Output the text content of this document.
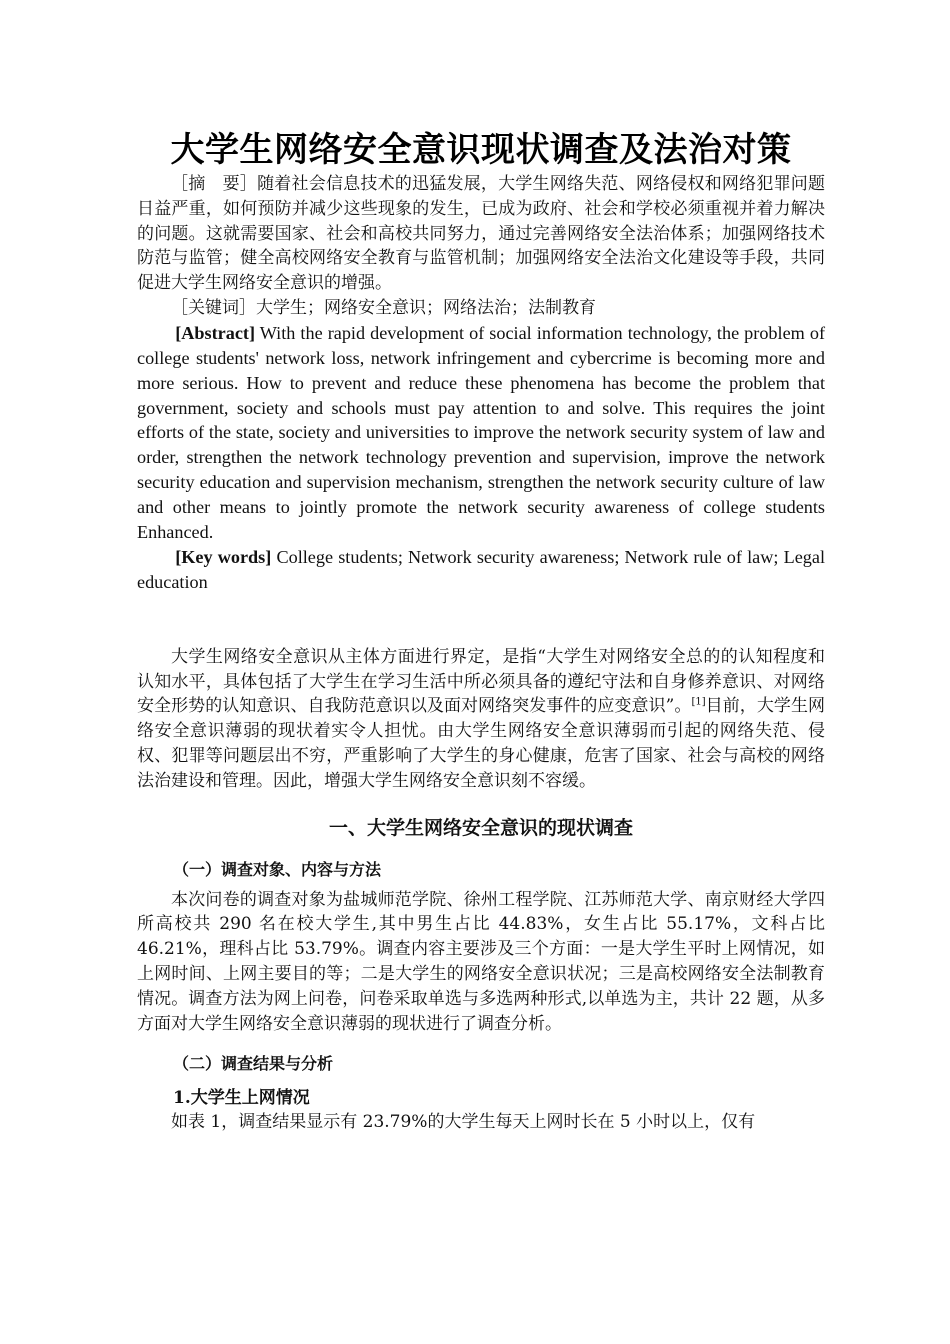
大学生网络安全意识现状调查及法治对策

［摘　要］随着社会信息技术的迅猛发展，大学生网络失范、网络侵权和网络犯罪问题日益严重，如何预防并减少这些现象的发生，已成为政府、社会和学校必须重视并着力解决的问题。这就需要国家、社会和高校共同努力，通过完善网络安全法治体系；加强网络技术防范与监管；健全高校网络安全教育与监管机制；加强网络安全法治文化建设等手段，共同促进大学生网络安全意识的增强。

［关键词］大学生；网络安全意识；网络法治；法制教育

[Abstract] With the rapid development of social information technology, the problem of college students' network loss, network infringement and cybercrime is becoming more and more serious. How to prevent and reduce these phenomena has become the problem that government, society and schools must pay attention to and solve. This requires the joint efforts of the state, society and universities to improve the network security system of law and order, strengthen the network technology prevention and supervision, improve the network security education and supervision mechanism, strengthen the network security culture of law and other means to jointly promote the network security awareness of college students Enhanced.

[Key words] College students; Network security awareness; Network rule of law; Legal education

大学生网络安全意识从主体方面进行界定，是指“大学生对网络安全总的的认知程度和认知水平，具体包括了大学生在学习生活中所必须具备的遵纪守法和自身修养意识、对网络安全形势的认知意识、自我防范意识以及面对网络突发事件的应变意识”。[1]目前，大学生网络安全意识薄弱的现状着实令人担忧。由大学生网络安全意识薄弱而引起的网络失范、侵权、犯罪等问题层出不穷，严重影响了大学生的身心健康，危害了国家、社会与高校的网络法治建设和管理。因此，增强大学生网络安全意识刻不容缓。

一、大学生网络安全意识的现状调查
（一）调查对象、内容与方法

本次问卷的调查对象为盐城师范学院、徐州工程学院、江苏师范大学、南京财经大学四所高校共 290 名在校大学生,其中男生占比 44.83%，女生占比 55.17%，文科占比 46.21%，理科占比 53.79%。调查内容主要涉及三个方面：一是大学生平时上网情况，如上网时间、上网主要目的等；二是大学生的网络安全意识状况；三是高校网络安全法制教育情况。调查方法为网上问卷，问卷采取单选与多选两种形式,以单选为主，共计 22 题，从多方面对大学生网络安全意识薄弱的现状进行了调查分析。

（二）调查结果与分析
1.大学生上网情况

如表 1，调查结果显示有 23.79%的大学生每天上网时长在 5 小时以上，仅有
